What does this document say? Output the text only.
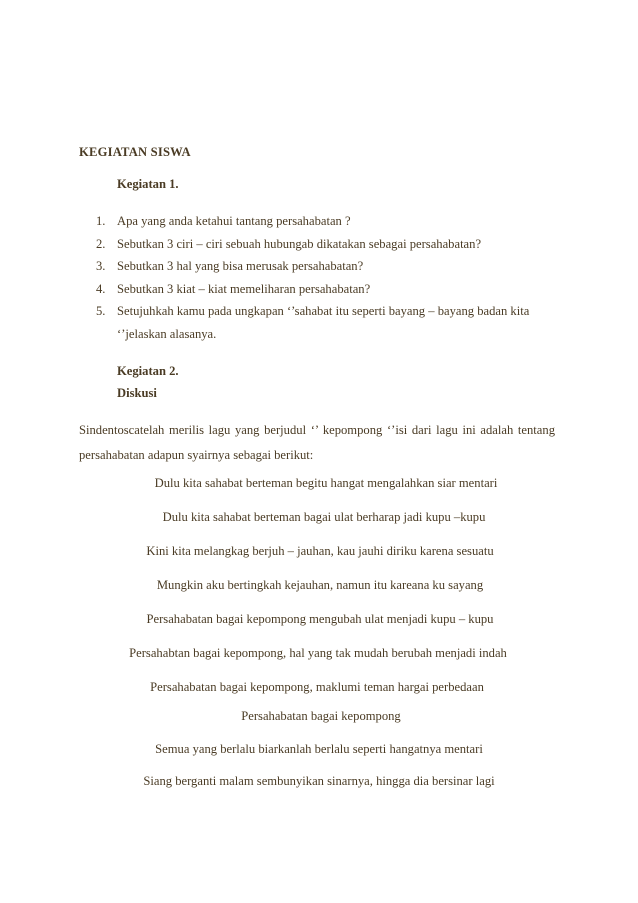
KEGIATAN SISWA
Kegiatan 1.
1. Apa yang anda ketahui tantang persahabatan ?
2. Sebutkan 3 ciri – ciri sebuah hubungab dikatakan sebagai persahabatan?
3. Sebutkan 3 hal yang bisa merusak persahabatan?
4. Sebutkan 3 kiat – kiat memeliharan persahabatan?
5. Setujuhkah kamu pada ungkapan ‘’sahabat itu seperti bayang – bayang badan kita ‘’jelaskan alasanya.
Kegiatan 2.
Diskusi

Sindentoscatelah merilis lagu yang berjudul ‘’ kepompong ‘’isi dari lagu ini adalah tentang persahabatan adapun syairnya sebagai berikut:

Dulu kita sahabat berteman begitu hangat mengalahkan siar mentari
Dulu kita sahabat berteman bagai ulat berharap jadi kupu –kupu
Kini kita melangkag berjuh – jauhan, kau jauhi diriku karena sesuatu
Mungkin aku bertingkah kejauhan, namun itu kareana ku sayang
Persahabatan bagai kepompong mengubah ulat menjadi kupu – kupu
Persahabtan bagai kepompong, hal yang tak mudah berubah menjadi indah
Persahabatan bagai kepompong, maklumi teman hargai perbedaan
Persahabatan bagai kepompong
Semua yang berlalu biarkanlah berlalu seperti hangatnya mentari
Siang berganti malam sembunyikan sinarnya, hingga dia bersinar lagi
